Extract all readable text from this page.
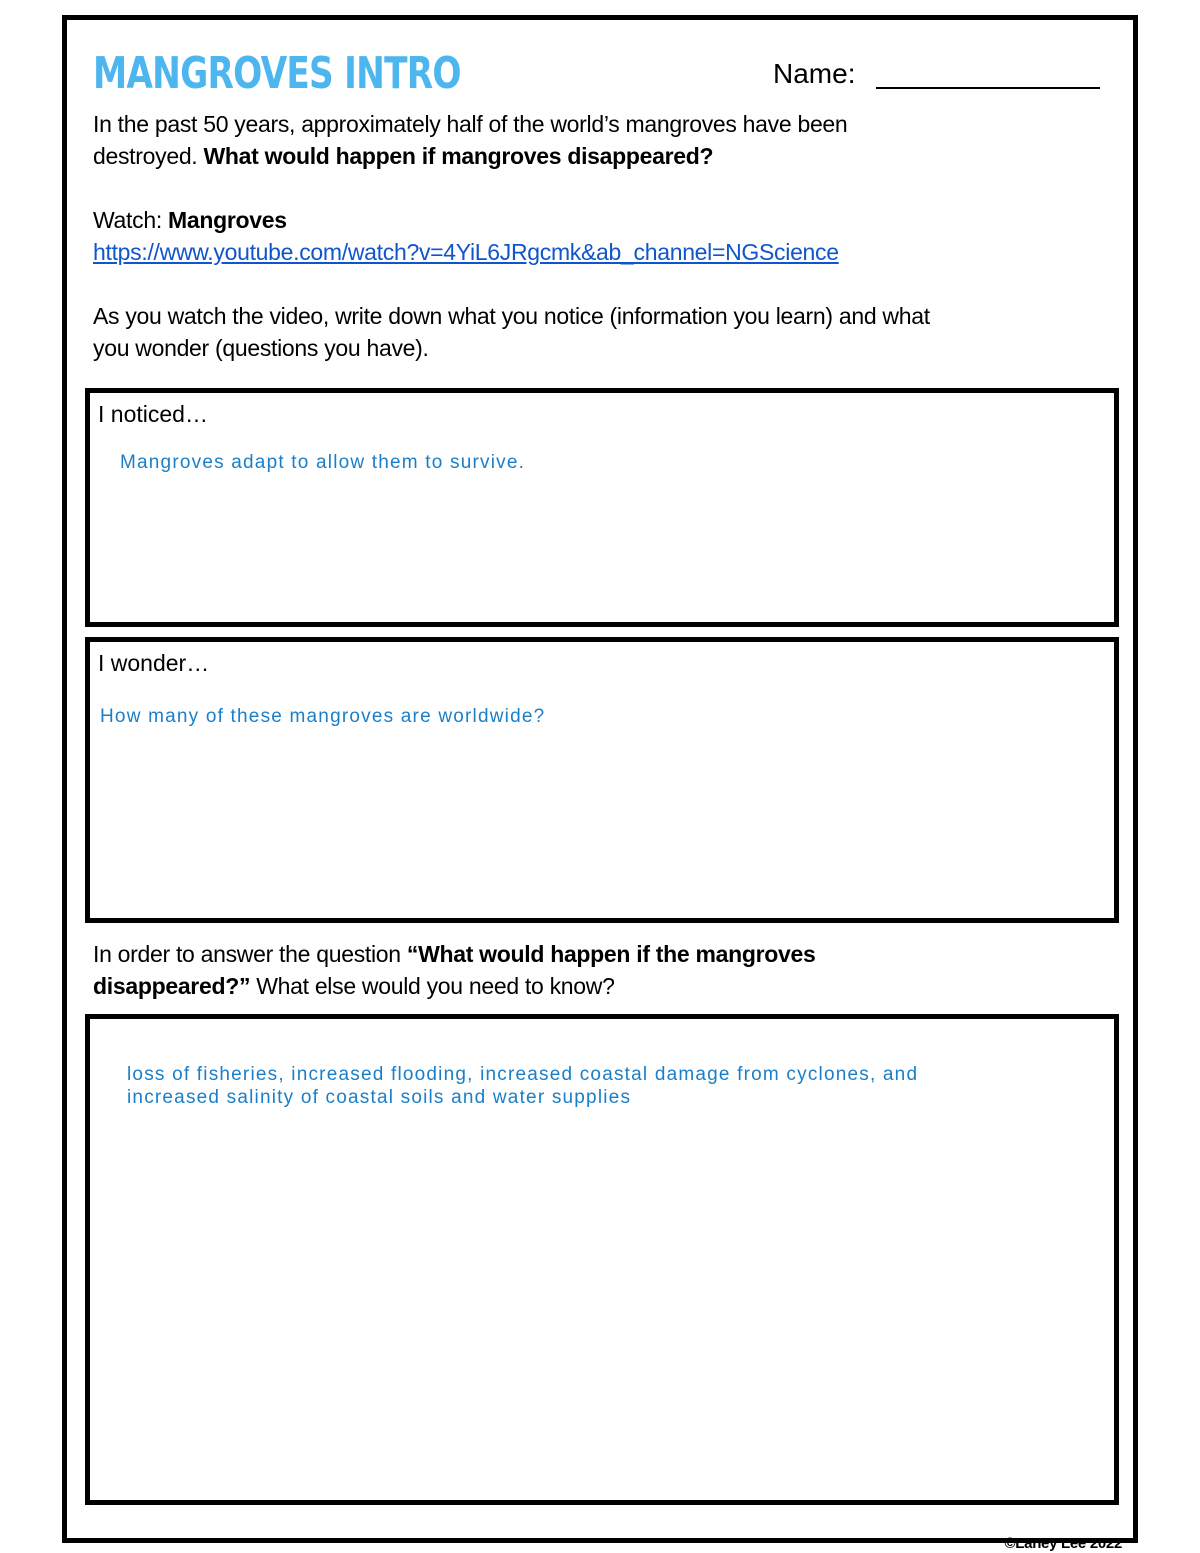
MANGROVES INTRO	Name:
In the past 50 years, approximately half of the world’s mangroves have been
destroyed. What would happen if mangroves disappeared?
Watch: Mangroves
https://www.youtube.com/watch?v=4YiL6JRgcmk&ab_channel=NGScience
As you watch the video, write down what you notice (information you learn) and what
you wonder (questions you have).
I noticed…
Mangroves adapt to allow them to survive.
I wonder…
How many of these mangroves are worldwide?
In order to answer the question “What would happen if the mangroves
disappeared?” What else would you need to know?
loss of fisheries, increased flooding, increased coastal damage from cyclones, and
increased salinity of coastal soils and water supplies
©Laney Lee 2022
